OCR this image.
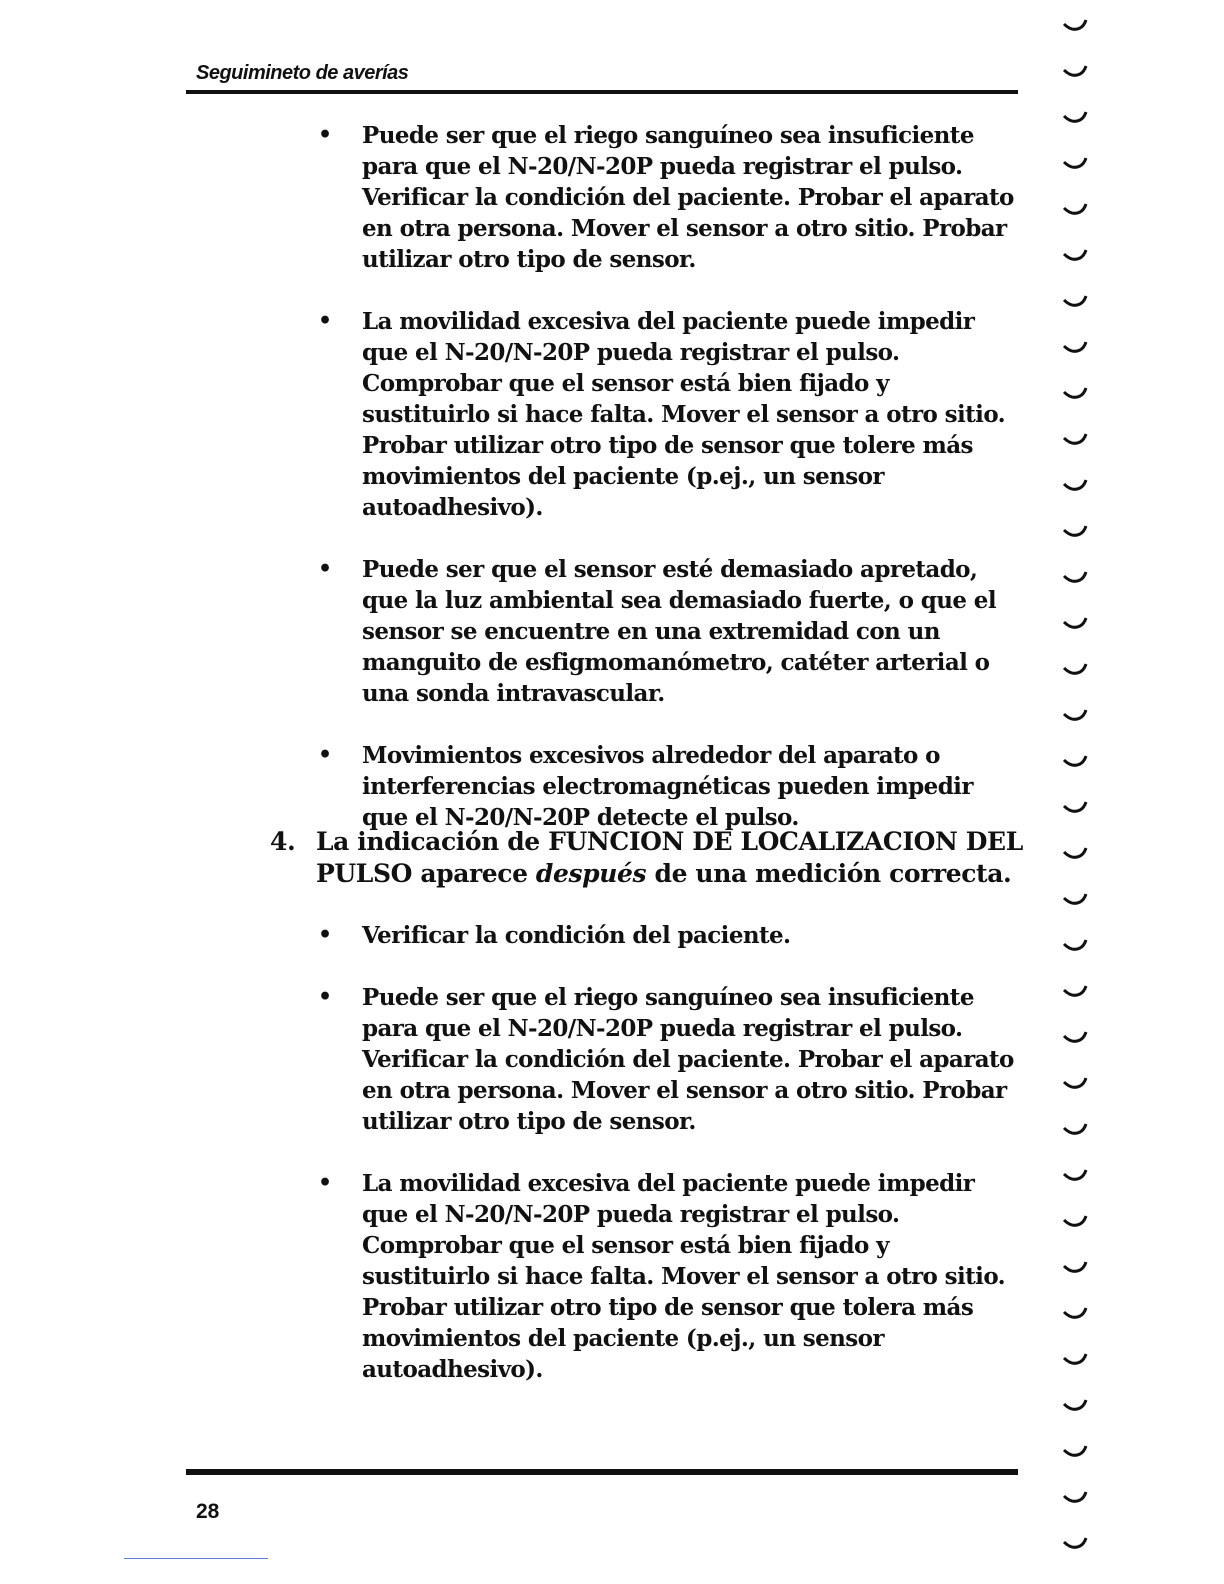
Seguimineto de averías
• Puede ser que el riego sanguíneo sea insuficiente para que el N-20/N-20P pueda registrar el pulso. Verificar la condición del paciente. Probar el aparato en otra persona. Mover el sensor a otro sitio. Probar utilizar otro tipo de sensor.
• La movilidad excesiva del paciente puede impedir que el N-20/N-20P pueda registrar el pulso. Comprobar que el sensor está bien fijado y sustituirlo si hace falta. Mover el sensor a otro sitio. Probar utilizar otro tipo de sensor que tolere más movimientos del paciente (p.ej., un sensor autoadhesivo).
• Puede ser que el sensor esté demasiado apretado, que la luz ambiental sea demasiado fuerte, o que el sensor se encuentre en una extremidad con un manguito de esfigmomanómetro, catéter arterial o una sonda intravascular.
• Movimientos excesivos alrededor del aparato o interferencias electromagnéticas pueden impedir que el N-20/N-20P detecte el pulso.
4. La indicación de FUNCION DE LOCALIZACION DEL PULSO aparece después de una medición correcta.
• Verificar la condición del paciente.
• Puede ser que el riego sanguíneo sea insuficiente para que el N-20/N-20P pueda registrar el pulso. Verificar la condición del paciente. Probar el aparato en otra persona. Mover el sensor a otro sitio. Probar utilizar otro tipo de sensor.
• La movilidad excesiva del paciente puede impedir que el N-20/N-20P pueda registrar el pulso. Comprobar que el sensor está bien fijado y sustituirlo si hace falta. Mover el sensor a otro sitio. Probar utilizar otro tipo de sensor que tolera más movimientos del paciente (p.ej., un sensor autoadhesivo).
28
